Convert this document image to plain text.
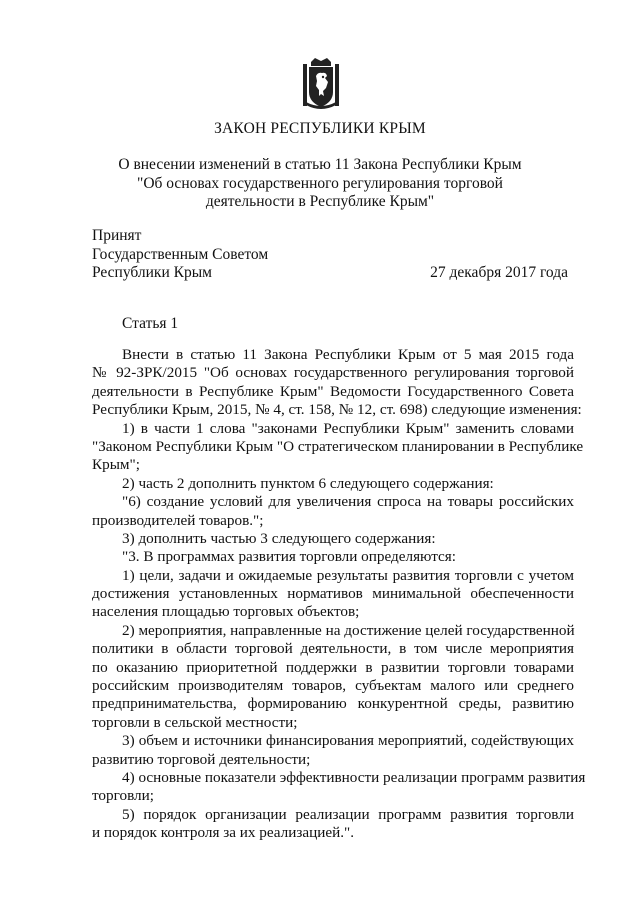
ЗАКОН РЕСПУБЛИКИ КРЫМ
О внесении изменений в статью 11 Закона Республики Крым
"Об основах государственного регулирования торговой
деятельности в Республике Крым"
Принят
Государственным Советом
Республики Крым	27 декабря 2017 года
Статья 1
Внести в статью 11 Закона Республики Крым от 5 мая 2015 года
№ 92-ЗРК/2015 "Об основах государственного регулирования торговой
деятельности в Республике Крым" Ведомости Государственного Совета
Республики Крым, 2015, № 4, ст. 158, № 12, ст. 698) следующие изменения:
1) в части 1 слова "законами Республики Крым" заменить словами
"Законом Республики Крым "О стратегическом планировании в Республике
Крым";
2) часть 2 дополнить пунктом 6 следующего содержания:
"6) создание условий для увеличения спроса на товары российских
производителей товаров.";
3) дополнить частью 3 следующего содержания:
"3. В программах развития торговли определяются:
1) цели, задачи и ожидаемые результаты развития торговли с учетом
достижения установленных нормативов минимальной обеспеченности
населения площадью торговых объектов;
2) мероприятия, направленные на достижение целей государственной
политики в области торговой деятельности, в том числе мероприятия
по оказанию приоритетной поддержки в развитии торговли товарами
российским производителям товаров, субъектам малого или среднего
предпринимательства, формированию конкурентной среды, развитию
торговли в сельской местности;
3) объем и источники финансирования мероприятий, содействующих
развитию торговой деятельности;
4) основные показатели эффективности реализации программ развития
торговли;
5) порядок организации реализации программ развития торговли
и порядок контроля за их реализацией.".
